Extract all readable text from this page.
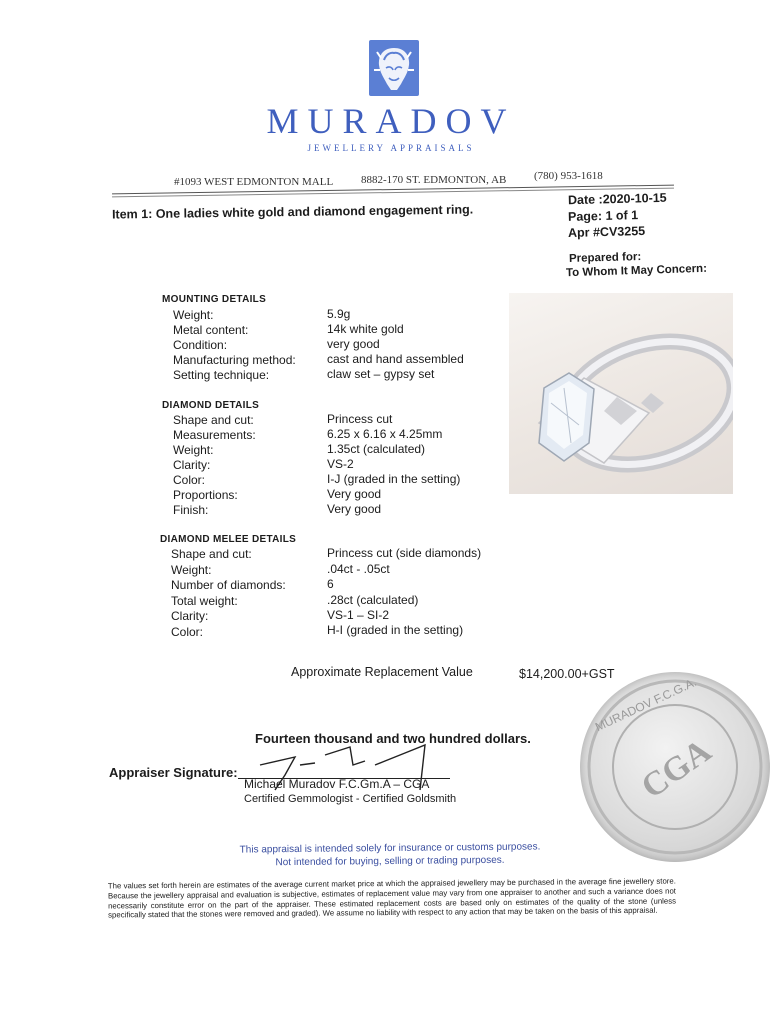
MURADOV
JEWELLERY APPRAISALS
#1093 WEST EDMONTON MALL	8882-170 ST. EDMONTON, AB	(780) 953-1618
Item 1: One ladies white gold and diamond engagement ring.
Date :2020-10-15
Page: 1 of 1
Apr #CV3255
Prepared for:
To Whom It May Concern:
MOUNTING DETAILS
Weight:	5.9g
Metal content:	14k white gold
Condition:	very good
Manufacturing method:	cast and hand assembled
Setting technique:	claw set – gypsy set
DIAMOND DETAILS
Shape and cut:	Princess cut
Measurements:	6.25 x 6.16 x 4.25mm
Weight:	1.35ct (calculated)
Clarity:	VS-2
Color:	I-J (graded in the setting)
Proportions:	Very good
Finish:	Very good
DIAMOND MELEE DETAILS
Shape and cut:	Princess cut (side diamonds)
Weight:	.04ct - .05ct
Number of diamonds:	6
Total weight:	.28ct (calculated)
Clarity:	VS-1 – SI-2
Color:	H-I (graded in the setting)
Approximate Replacement Value	$14,200.00+GST
Fourteen thousand and two hundred dollars.
Appraiser Signature:
Michael Muradov F.C.Gm.A – CGA
Certified Gemmologist - Certified Goldsmith
MURADOV F.C.G.A.
CGA
This appraisal is intended solely for insurance or customs purposes.
Not intended for buying, selling or trading purposes.
The values set forth herein are estimates of the average current market price at which the appraised jewellery may be purchased in the average fine jewellery store. Because the jewellery appraisal and evaluation is subjective, estimates of replacement value may vary from one appraiser to another and such a variance does not necessarily constitute error on the part of the appraiser. These estimated replacement costs are based only on estimates of the quality of the stone (unless specifically stated that the stones were removed and graded). We assume no liability with respect to any action that may be taken on the basis of this appraisal.
